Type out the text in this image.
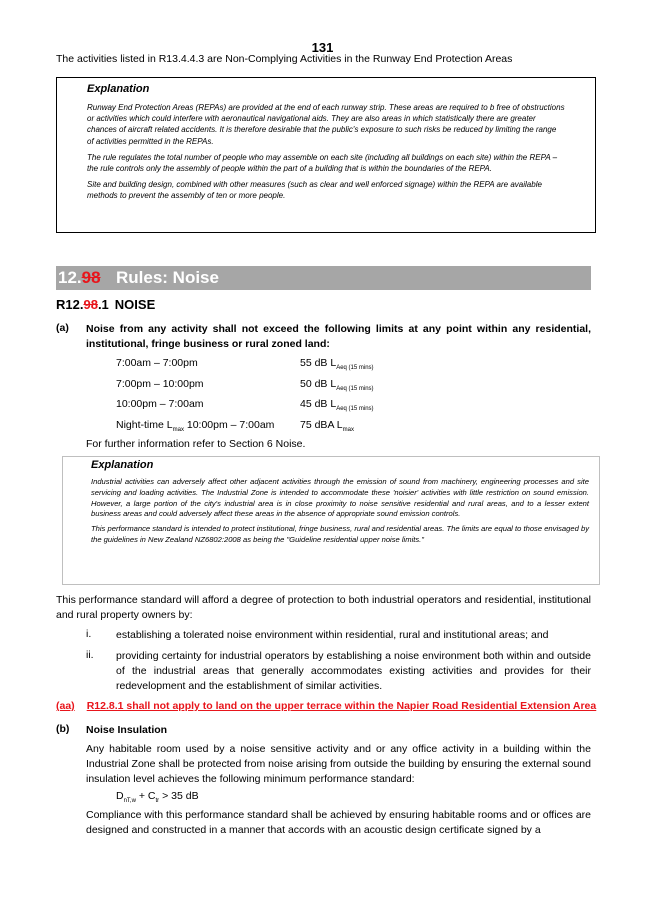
131
The activities listed in R13.4.4.3 are Non-Complying Activities in the Runway End Protection Areas
Explanation

Runway End Protection Areas (REPAs) are provided at the end of each runway strip. These areas are required to b free of obstructions or activities which could interfere with aeronautical navigational aids. They are also areas in which statistically there are greater chances of aircraft related accidents. It is therefore desirable that the public's exposure to such risks be reduced by limiting the range of activities permitted in the REPAs.

The rule regulates the total number of people who may assemble on each site (including all buildings on each site) within the REPA – the rule controls only the assembly of people within the part of a building that is within the boundaries of the REPA.

Site and building design, combined with other measures (such as clear and well enforced signage) within the REPA are available methods to prevent the assembly of ten or more people.

12.98 Rules: Noise
R12.98.1 NOISE
(a) Noise from any activity shall not exceed the following limits at any point within any residential, institutional, fringe business or rural zoned land:
7:00am – 7:00pm	55 dB $L_{Aeq (15 mins)}$
7:00pm – 10:00pm	50 dB $L_{Aeq (15 mins)}$
10:00pm – 7:00am	45 dB $L_{Aeq (15 mins)}$
Night-time $L_{max}$ 10:00pm – 7:00am 75 dBA $L_{max}$
For further information refer to Section 6 Noise.
Explanation

Industrial activities can adversely affect other adjacent activities through the emission of sound from machinery, engineering processes and site servicing and loading activities. The Industrial Zone is intended to accommodate these 'noisier' activities with little restriction on sound emission. However, a large portion of the city's industrial area is in close proximity to noise sensitive residential and rural areas, and to a lesser extent business areas and could adversely affect these areas in the absence of appropriate sound emission controls.

This performance standard is intended to protect institutional, fringe business, rural and residential areas. The limits are equal to those envisaged by the guidelines in New Zealand NZ6802:2008 as being the "Guideline residential upper noise limits."

This performance standard will afford a degree of protection to both industrial operators and residential, institutional and rural property owners by:
i. establishing a tolerated noise environment within residential, rural and institutional areas; and
ii. providing certainty for industrial operators by establishing a noise environment both within and outside of the industrial areas that generally accommodates existing activities and provides for their redevelopment and the establishment of similar activities.
(aa) R12.8.1 shall not apply to land on the upper terrace within the Napier Road Residential Extension Area
(b) Noise Insulation
Any habitable room used by a noise sensitive activity and or any office activity in a building within the Industrial Zone shall be protected from noise arising from outside the building by ensuring the external sound insulation level achieves the following minimum performance standard:
$D_{nT,w} + C_{tr} > 35$ dB
Compliance with this performance standard shall be achieved by ensuring habitable rooms and or offices are designed and constructed in a manner that accords with an acoustic design certificate signed by a
